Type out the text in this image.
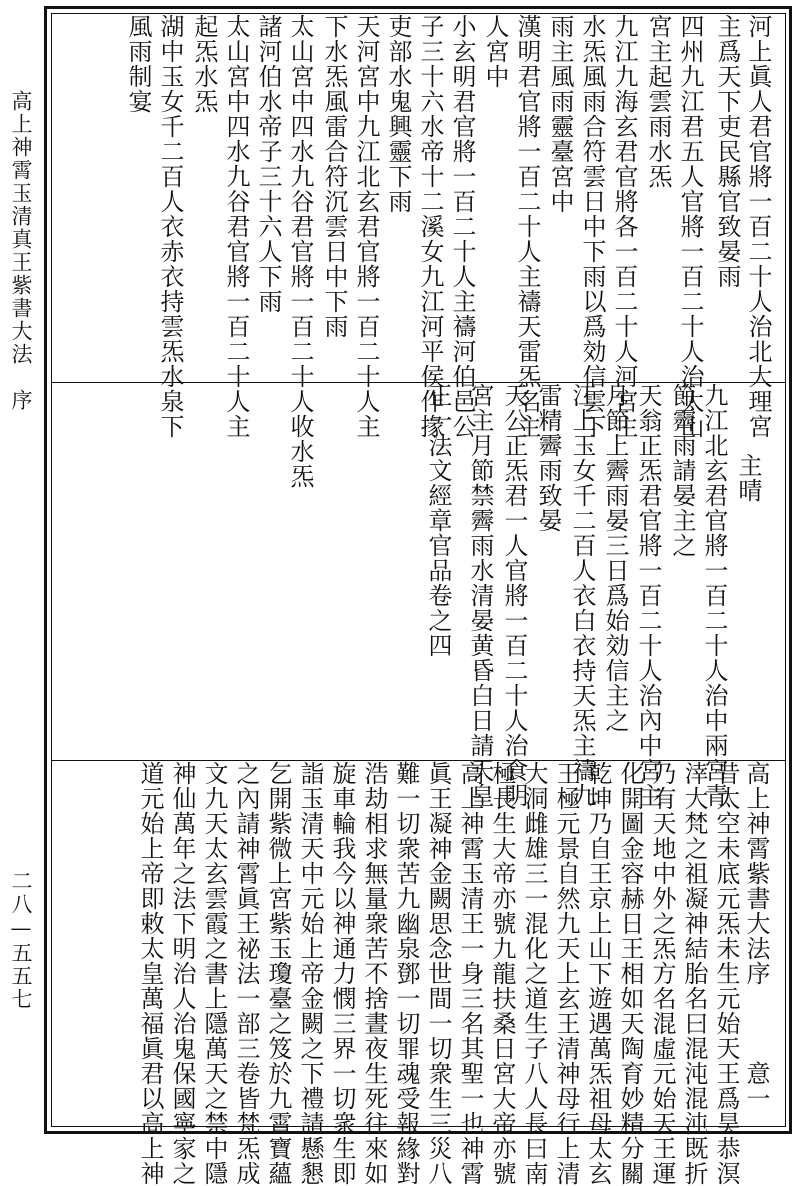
高上神霄玉清真王紫書大法　序
二八—五五七
河上眞人君官將一百二十人治北大理宮
主爲天下吏民縣官致晏雨
四州九江君五人官將一百二十人治太山
宮主起雲雨水炁
九江九海玄君官將各一百二十人河宮主
水炁風雨合符雲日中下雨以爲効信雲下
雨主風雨靈臺宮中
漢明君官將一百二十人主禱天雷炁名主
人宮中
小玄明君官將一百二十人主禱河伯邑公
子三十六水帝十二溪女九江河平侯作掾
吏部水鬼興靈下雨
天河宮中九江北玄君官將一百二十人主
下水炁風雷合符沉雲日中下雨
太山宮中四水九谷君官將一百二十人收水炁
諸河伯水帝子三十六人下雨
太山宮中四水九谷君官將一百二十人主
起炁水炁
湖中玉女千二百人衣赤衣持雲炁水泉下
風雨制宴
主晴
九江北玄君官將一百二十人治中兩宮青
節霽雨請晏主之
天翁正炁君官將一百二十人治內中宮主
月節上霽雨晏三日爲始効信主之
江上玉女千二百人衣白衣持天炁主禱九
雷精霽雨致晏
天公正炁君一人官將一百二十人治食明
宮主月節禁霽雨水清晏黄昏白日請天皇
正一法文經章官品卷之四
高上神霄紫書大法序　　　意一
昔太空未底元炁未生元始天王爲昊恭溟
涬大梵之祖凝神結胎名曰混沌混沌既折
乃有天地中外之炁方名混虛元始天王運
化開圖金容赫日王相如天陶育妙精分關
乾坤乃自王京上山下遊遇萬炁祖母太玄
王極元景自然九天上玄王清神母行上清
大洞雌雄三一混化之道生子八人長曰南
極長生大帝亦號九龍扶桑日宮大帝亦號
高上神霄玉清王一身三名其聖一也神霄
眞王凝神金闕思念世間一切衆生三災八
難一切衆苦九幽泉鄧一切罪魂受報緣對
浩劫相求無量衆苦不捨晝夜生死往來如
旋車輪我今以神通力憫三界一切衆生即
詣玉清天中元始上帝金闕之下禮請懸懇
乞開紫微上宮紫玉瓊臺之笈於九霄寶蘊
之內請神霄眞王祕法一部三卷皆梵炁成
文九天太玄雲霞之書上隱萬天之禁中隱
神仙萬年之法下明治人治鬼保國寧家之
道元始上帝即敕太皇萬福眞君以高上神
